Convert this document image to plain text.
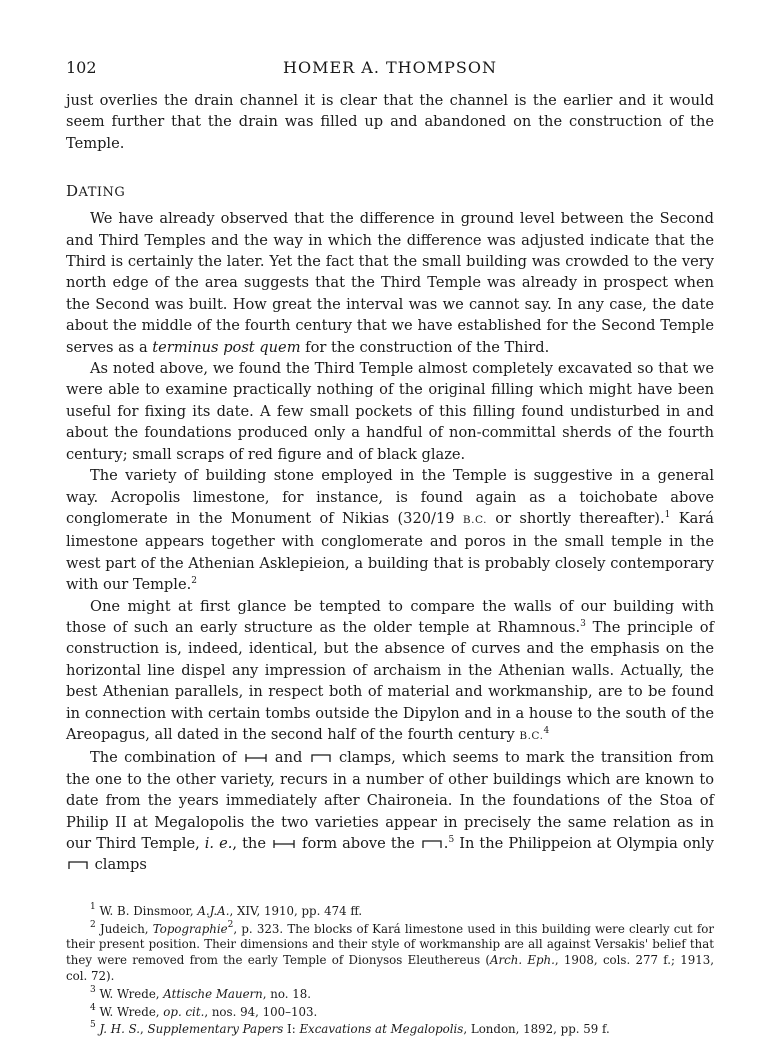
102	HOMER A. THOMPSON

just overlies the drain channel it is clear that the channel is the earlier and it would seem further that the drain was filled up and abandoned on the construction of the Temple.

DATING

We have already observed that the difference in ground level between the Second and Third Temples and the way in which the difference was adjusted indicate that the Third is certainly the later. Yet the fact that the small building was crowded to the very north edge of the area suggests that the Third Temple was already in prospect when the Second was built. How great the interval was we cannot say. In any case, the date about the middle of the fourth century that we have established for the Second Temple serves as a terminus post quem for the construction of the Third.

As noted above, we found the Third Temple almost completely excavated so that we were able to examine practically nothing of the original filling which might have been useful for fixing its date. A few small pockets of this filling found undisturbed in and about the foundations produced only a handful of non-committal sherds of the fourth century; small scraps of red figure and of black glaze.

The variety of building stone employed in the Temple is suggestive in a general way. Acropolis limestone, for instance, is found again as a toichobate above conglomerate in the Monument of Nikias (320/19 B.C. or shortly thereafter).$^1$ Kará limestone appears together with conglomerate and poros in the small temple in the west part of the Athenian Asklepieion, a building that is probably closely contemporary with our Temple.$^2$

One might at first glance be tempted to compare the walls of our building with those of such an early structure as the older temple at Rhamnous.$^3$ The principle of construction is, indeed, identical, but the absence of curves and the emphasis on the horizontal line dispel any impression of archaism in the Athenian walls. Actually, the best Athenian parallels, in respect both of material and workmanship, are to be found in connection with certain tombs outside the Dipylon and in a house to the south of the Areopagus, all dated in the second half of the fourth century B.C.$^4$

The combination of  and  clamps, which seems to mark the transition from the one to the other variety, recurs in a number of other buildings which are known to date from the years immediately after Chaironeia. In the foundations of the Stoa of Philip II at Megalopolis the two varieties appear in precisely the same relation as in our Third Temple, i. e., the  form above the .$^5$ In the Philippeion at Olympia only  clamps

$^1$ W. B. Dinsmoor, A.J.A., XIV, 1910, pp. 474 ff.

$^2$ Judeich, Topographie$^2$, p. 323. The blocks of Kará limestone used in this building were clearly cut for their present position. Their dimensions and their style of workmanship are all against Versakis' belief that they were removed from the early Temple of Dionysos Eleuthereus (Arch. Eph., 1908, cols. 277 f.; 1913, col. 72).

$^3$ W. Wrede, Attische Mauern, no. 18.

$^4$ W. Wrede, op. cit., nos. 94, 100–103.

$^5$ J. H. S., Supplementary Papers I: Excavations at Megalopolis, London, 1892, pp. 59 f.
